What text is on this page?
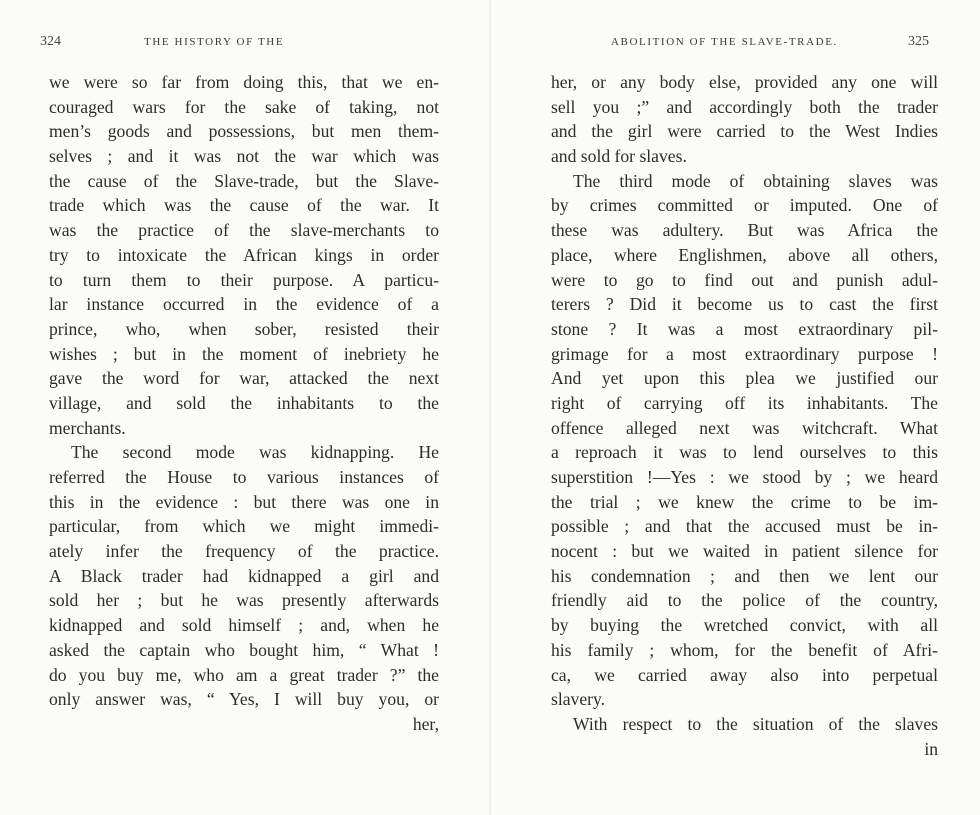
324	THE HISTORY OF THE
we were so far from doing this, that we en-
couraged wars for the sake of taking, not
men’s goods and possessions, but men them-
selves ; and it was not the war which was
the cause of the Slave-trade, but the Slave-
trade which was the cause of the war. It
was the practice of the slave-merchants to
try to intoxicate the African kings in order
to turn them to their purpose. A particu-
lar instance occurred in the evidence of a
prince, who, when sober, resisted their
wishes ; but in the moment of inebriety he
gave the word for war, attacked the next
village, and sold the inhabitants to the
merchants.
The second mode was kidnapping. He
referred the House to various instances of
this in the evidence : but there was one in
particular, from which we might immedi-
ately infer the frequency of the practice.
A Black trader had kidnapped a girl and
sold her ; but he was presently afterwards
kidnapped and sold himself ; and, when he
asked the captain who bought him, “ What !
do you buy me, who am a great trader ?” the
only answer was, “ Yes, I will buy you, or
her,
ABOLITION OF THE SLAVE-TRADE.	325
her, or any body else, provided any one will
sell you ;” and accordingly both the trader
and the girl were carried to the West Indies
and sold for slaves.
The third mode of obtaining slaves was
by crimes committed or imputed. One of
these was adultery. But was Africa the
place, where Englishmen, above all others,
were to go to find out and punish adul-
terers ? Did it become us to cast the first
stone ? It was a most extraordinary pil-
grimage for a most extraordinary purpose !
And yet upon this plea we justified our
right of carrying off its inhabitants. The
offence alleged next was witchcraft. What
a reproach it was to lend ourselves to this
superstition !—Yes : we stood by ; we heard
the trial ; we knew the crime to be im-
possible ; and that the accused must be in-
nocent : but we waited in patient silence for
his condemnation ; and then we lent our
friendly aid to the police of the country,
by buying the wretched convict, with all
his family ; whom, for the benefit of Afri-
ca, we carried away also into perpetual
slavery.
With respect to the situation of the slaves
in
